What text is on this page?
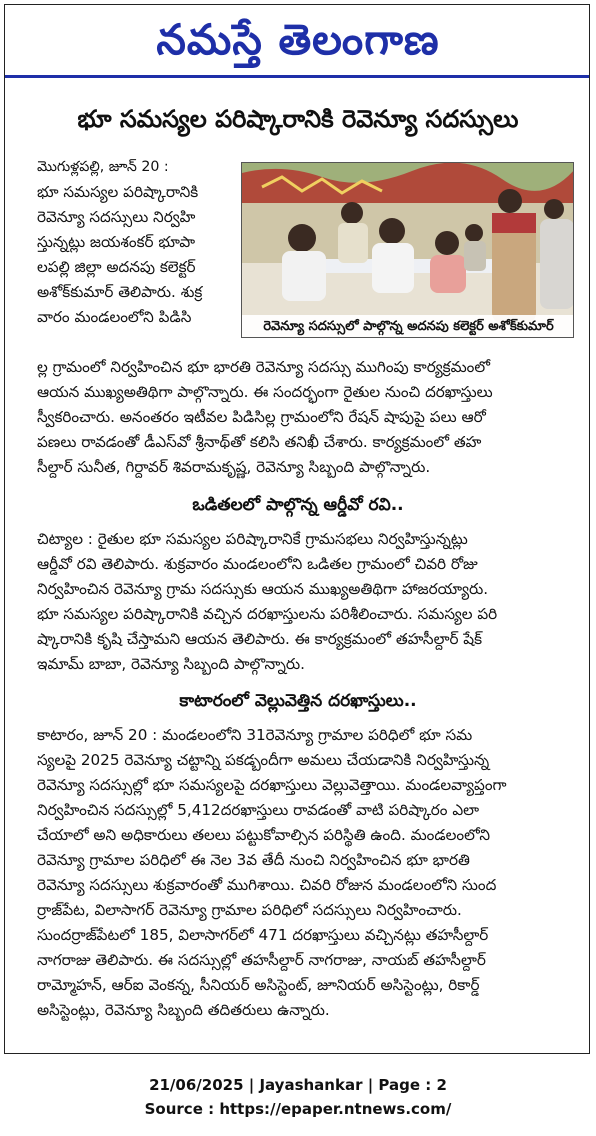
నమస్తే తెలంగాణ
భూ సమస్యల పరిష్కారానికి రెవెన్యూ సదస్సులు
మొగుళ్లపల్లి, జూన్ 20 :
భూ సమస్యల పరిష్కారానికి
రెవెన్యూ సదస్సులు నిర్వహి
స్తున్నట్లు జయశంకర్ భూపా
లపల్లి జిల్లా అదనపు కలెక్టర్
అశోక్‌కుమార్ తెలిపారు. శుక్ర
వారం మండలంలోని పిడిసి
రెవెన్యూ సదస్సులో పాల్గొన్న అదనపు కలెక్టర్ అశోక్‌కుమార్
ల్ల గ్రామంలో నిర్వహించిన భూ భారతి రెవెన్యూ సదస్సు ముగింపు కార్యక్రమంలో
ఆయన ముఖ్యఅతిథిగా పాల్గొన్నారు. ఈ సందర్భంగా రైతుల నుంచి దరఖాస్తులు
స్వీకరించారు. అనంతరం ఇటీవల పిడిసిల్ల గ్రామంలోని రేషన్ షాపుపై పలు ఆరో
పణలు రావడంతో డీఎస్‌వో శ్రీనాథ్‌తో కలిసి తనిఖీ చేశారు. కార్యక్రమంలో తహ
సీల్దార్ సునీత, గిర్దావర్ శివరామకృష్ణ, రెవెన్యూ సిబ్బంది పాల్గొన్నారు.
ఒడితలలో పాల్గొన్న ఆర్డీవో రవి..
చిట్యాల : రైతుల భూ సమస్యల పరిష్కారానికే గ్రామసభలు నిర్వహిస్తున్నట్లు
ఆర్డీవో రవి తెలిపారు. శుక్రవారం మండలంలోని ఒడితల గ్రామంలో చివరి రోజు
నిర్వహించిన రెవెన్యూ గ్రామ సదస్సుకు ఆయన ముఖ్యఅతిథిగా హాజరయ్యారు.
భూ సమస్యల పరిష్కారానికి వచ్చిన దరఖాస్తులను పరిశీలించారు. సమస్యల పరి
ష్కారానికి కృషి చేస్తామని ఆయన తెలిపారు. ఈ కార్యక్రమంలో తహసీల్దార్ షేక్
ఇమామ్ బాబా, రెవెన్యూ సిబ్బంది పాల్గొన్నారు.
కాటారంలో వెల్లువెత్తిన దరఖాస్తులు..
కాటారం, జూన్ 20 : మండలంలోని 31రెవెన్యూ గ్రామాల పరిధిలో భూ సమ
స్యలపై 2025 రెవెన్యూ చట్టాన్ని పకడ్బందీగా అమలు చేయడానికి నిర్వహిస్తున్న
రెవెన్యూ సదస్సుల్లో భూ సమస్యలపై దరఖాస్తులు వెల్లువెత్తాయి. మండలవ్యాప్తంగా
నిర్వహించిన సదస్సుల్లో 5,412దరఖాస్తులు రావడంతో వాటి పరిష్కారం ఎలా
చేయాలో అని అధికారులు తలలు పట్టుకోవాల్సిన పరిస్థితి ఉంది. మండలంలోని
రెవెన్యూ గ్రామాల పరిధిలో ఈ నెల 3వ తేదీ నుంచి నిర్వహించిన భూ భారతి
రెవెన్యూ సదస్సులు శుక్రవారంతో ముగిశాయి. చివరి రోజున మండలంలోని సుంద
ర్రాజ్‌పేట, విలాసాగర్ రెవెన్యూ గ్రామాల పరిధిలో సదస్సులు నిర్వహించారు.
సుందర్రాజ్‌పేటలో 185, విలాసాగర్‌లో 471 దరఖాస్తులు వచ్చినట్లు తహసీల్దార్
నాగరాజు తెలిపారు. ఈ సదస్సుల్లో తహసీల్దార్ నాగరాజు, నాయబ్ తహసీల్దార్
రామ్మోహన్, ఆర్‌ఐ వెంకన్న, సీనియర్ అసిస్టెంట్, జూనియర్ అసిస్టెంట్లు, రికార్డ్
అసిస్టెంట్లు, రెవెన్యూ సిబ్బంది తదితరులు ఉన్నారు.
21/06/2025 | Jayashankar | Page : 2
Source : https://epaper.ntnews.com/
